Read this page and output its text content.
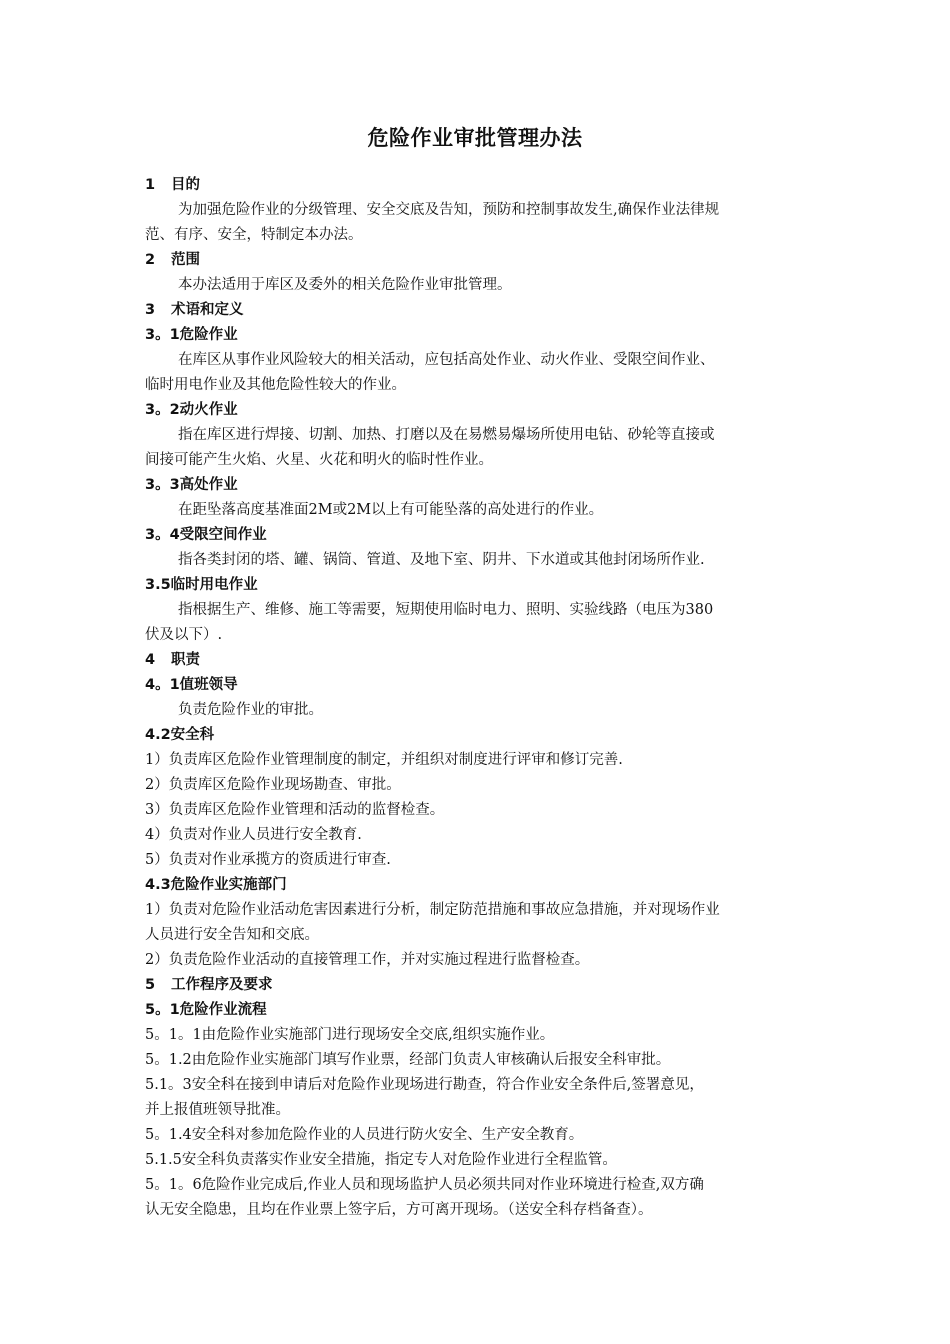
危险作业审批管理办法
1 目的
为加强危险作业的分级管理、安全交底及告知，预防和控制事故发生,确保作业法律规
范、有序、安全，特制定本办法。
2 范围
本办法适用于库区及委外的相关危险作业审批管理。
3 术语和定义
3。1危险作业
在库区从事作业风险较大的相关活动，应包括高处作业、动火作业、受限空间作业、
临时用电作业及其他危险性较大的作业。
3。2动火作业
指在库区进行焊接、切割、加热、打磨以及在易燃易爆场所使用电钻、砂轮等直接或
间接可能产生火焰、火星、火花和明火的临时性作业。
3。3高处作业
在距坠落高度基准面2M或2M以上有可能坠落的高处进行的作业。
3。4受限空间作业
指各类封闭的塔、罐、锅筒、管道、及地下室、阴井、下水道或其他封闭场所作业.
3.5临时用电作业
指根据生产、维修、施工等需要，短期使用临时电力、照明、实验线路（电压为380
伏及以下）.
4 职责
4。1值班领导
负责危险作业的审批。
4.2安全科
1）负责库区危险作业管理制度的制定，并组织对制度进行评审和修订完善.
2）负责库区危险作业现场勘查、审批。
3）负责库区危险作业管理和活动的监督检查。
4）负责对作业人员进行安全教育.
5）负责对作业承揽方的资质进行审查.
4.3危险作业实施部门
1）负责对危险作业活动危害因素进行分析，制定防范措施和事故应急措施，并对现场作业
人员进行安全告知和交底。
2）负责危险作业活动的直接管理工作，并对实施过程进行监督检查。
5 工作程序及要求
5。1危险作业流程
5。1。1由危险作业实施部门进行现场安全交底,组织实施作业。
5。1.2由危险作业实施部门填写作业票，经部门负责人审核确认后报安全科审批。
5.1。3安全科在接到申请后对危险作业现场进行勘查，符合作业安全条件后,签署意见，
并上报值班领导批准。
5。1.4安全科对参加危险作业的人员进行防火安全、生产安全教育。
5.1.5安全科负责落实作业安全措施，指定专人对危险作业进行全程监管。
5。1。6危险作业完成后,作业人员和现场监护人员必须共同对作业环境进行检查,双方确
认无安全隐患，且均在作业票上签字后，方可离开现场。（送安全科存档备查）。
